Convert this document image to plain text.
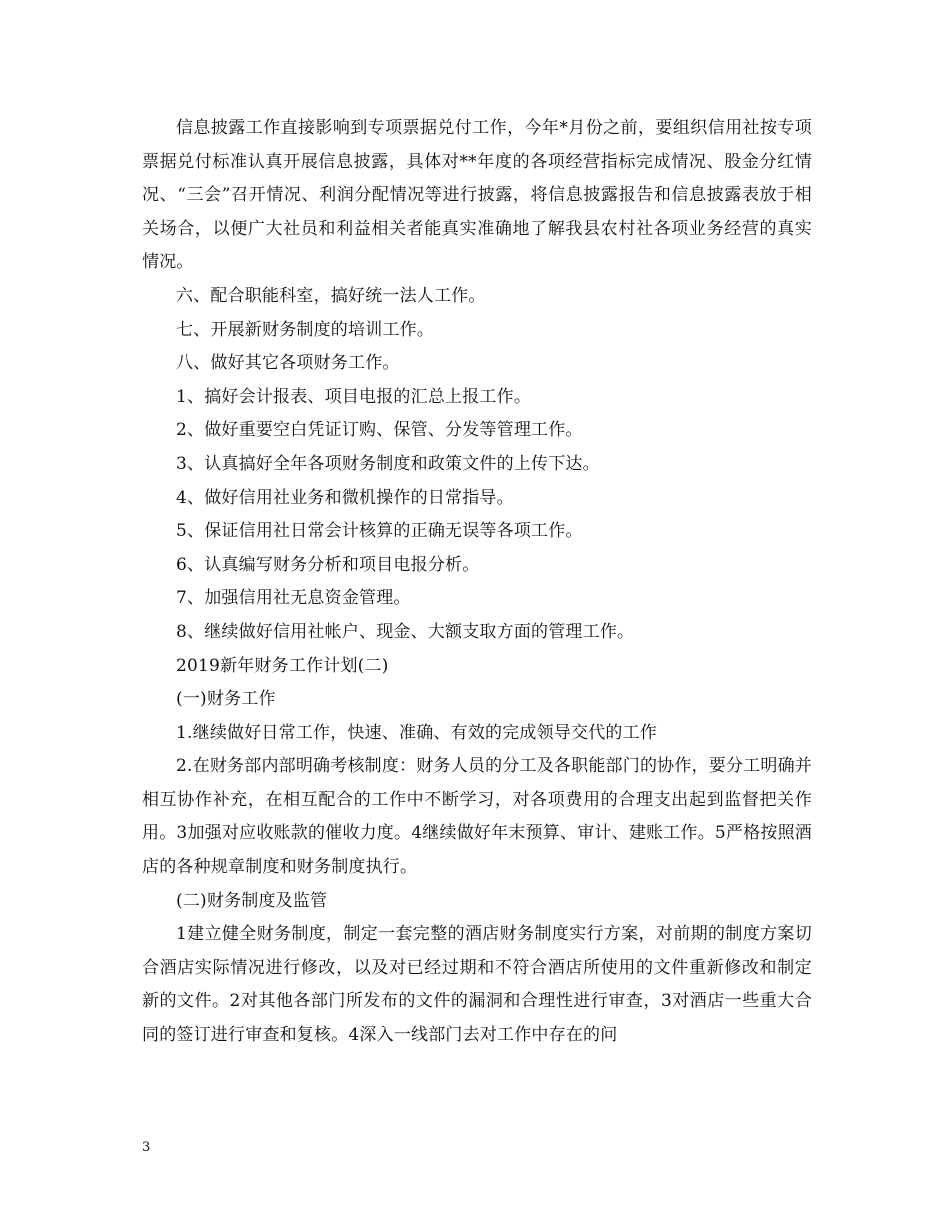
信息披露工作直接影响到专项票据兑付工作，今年*月份之前，要组织信用社按专项票据兑付标准认真开展信息披露，具体对**年度的各项经营指标完成情况、股金分红情况、“三会”召开情况、利润分配情况等进行披露，将信息披露报告和信息披露表放于相关场合，以便广大社员和利益相关者能真实准确地了解我县农村社各项业务经营的真实情况。

六、配合职能科室，搞好统一法人工作。

七、开展新财务制度的培训工作。

八、做好其它各项财务工作。

1、搞好会计报表、项目电报的汇总上报工作。

2、做好重要空白凭证订购、保管、分发等管理工作。

3、认真搞好全年各项财务制度和政策文件的上传下达。

4、做好信用社业务和微机操作的日常指导。

5、保证信用社日常会计核算的正确无误等各项工作。

6、认真编写财务分析和项目电报分析。

7、加强信用社无息资金管理。

8、继续做好信用社帐户、现金、大额支取方面的管理工作。

2019新年财务工作计划(二)

(一)财务工作

1.继续做好日常工作，快速、准确、有效的完成领导交代的工作

2.在财务部内部明确考核制度：财务人员的分工及各职能部门的协作，要分工明确并相互协作补充，在相互配合的工作中不断学习，对各项费用的合理支出起到监督把关作用。3加强对应收账款的催收力度。4继续做好年末预算、审计、建账工作。5严格按照酒店的各种规章制度和财务制度执行。

(二)财务制度及监管

1建立健全财务制度，制定一套完整的酒店财务制度实行方案，对前期的制度方案切合酒店实际情况进行修改，以及对已经过期和不符合酒店所使用的文件重新修改和制定新的文件。2对其他各部门所发布的文件的漏洞和合理性进行审查，3对酒店一些重大合同的签订进行审查和复核。4深入一线部门去对工作中存在的问

3
